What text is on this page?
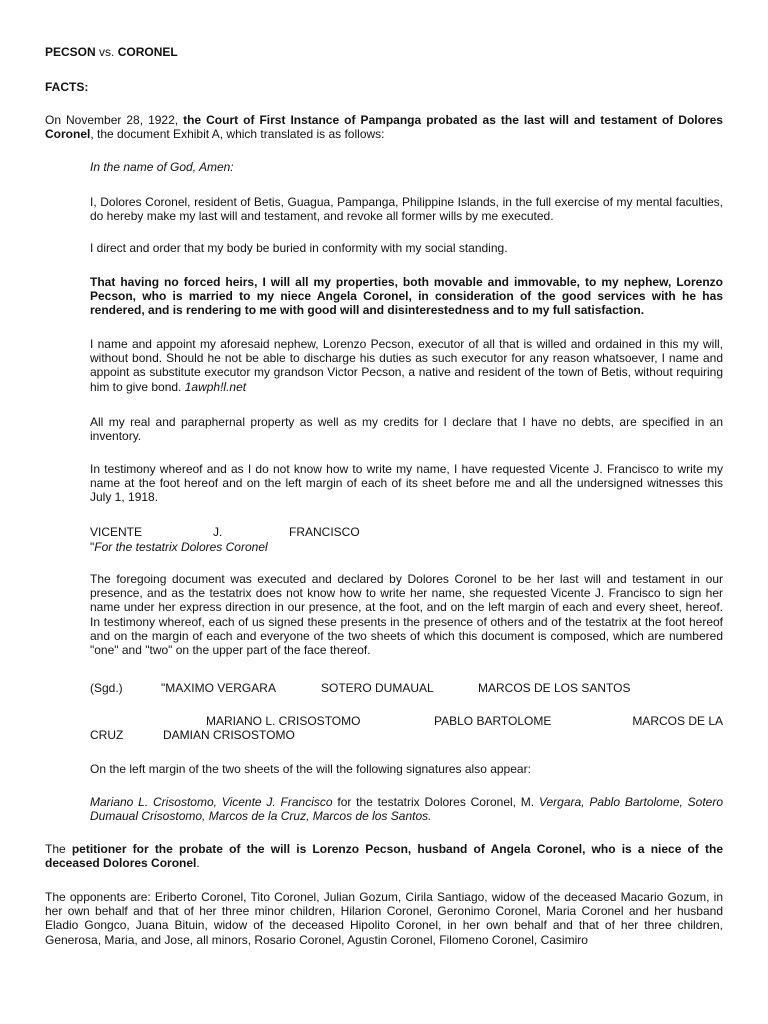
PECSON vs. CORONEL

FACTS:

On November 28, 1922, the Court of First Instance of Pampanga probated as the last will and testament of Dolores Coronel, the document Exhibit A, which translated is as follows:

In the name of God, Amen:

I, Dolores Coronel, resident of Betis, Guagua, Pampanga, Philippine Islands, in the full exercise of my mental faculties, do hereby make my last will and testament, and revoke all former wills by me executed.

I direct and order that my body be buried in conformity with my social standing.

That having no forced heirs, I will all my properties, both movable and immovable, to my nephew, Lorenzo Pecson, who is married to my niece Angela Coronel, in consideration of the good services with he has rendered, and is rendering to me with good will and disinterestedness and to my full satisfaction.

I name and appoint my aforesaid nephew, Lorenzo Pecson, executor of all that is willed and ordained in this my will, without bond. Should he not be able to discharge his duties as such executor for any reason whatsoever, I name and appoint as substitute executor my grandson Victor Pecson, a native and resident of the town of Betis, without requiring him to give bond. 1awph!l.net

All my real and paraphernal property as well as my credits for I declare that I have no debts, are specified in an inventory.

In testimony whereof and as I do not know how to write my name, I have requested Vicente J. Francisco to write my name at the foot hereof and on the left margin of each of its sheet before me and all the undersigned witnesses this July 1, 1918.

VICENTE	J.	FRANCISCO
"For the testatrix Dolores Coronel

The foregoing document was executed and declared by Dolores Coronel to be her last will and testament in our presence, and as the testatrix does not know how to write her name, she requested Vicente J. Francisco to sign her name under her express direction in our presence, at the foot, and on the left margin of each and every sheet, hereof. In testimony whereof, each of us signed these presents in the presence of others and of the testatrix at the foot hereof and on the margin of each and everyone of the two sheets of which this document is composed, which are numbered "one" and "two" on the upper part of the face thereof.

(Sgd.)	"MAXIMO VERGARA	SOTERO DUMAUAL	MARCOS DE LOS SANTOS
MARIANO L. CRISOSTOMO	PABLO BARTOLOME	MARCOS DE LA
CRUZ	DAMIAN CRISOSTOMO

On the left margin of the two sheets of the will the following signatures also appear:

Mariano L. Crisostomo, Vicente J. Francisco for the testatrix Dolores Coronel, M. Vergara, Pablo Bartolome, Sotero Dumaual Crisostomo, Marcos de la Cruz, Marcos de los Santos.

The petitioner for the probate of the will is Lorenzo Pecson, husband of Angela Coronel, who is a niece of the deceased Dolores Coronel.

The opponents are: Eriberto Coronel, Tito Coronel, Julian Gozum, Cirila Santiago, widow of the deceased Macario Gozum, in her own behalf and that of her three minor children, Hilarion Coronel, Geronimo Coronel, Maria Coronel and her husband Eladio Gongco, Juana Bituin, widow of the deceased Hipolito Coronel, in her own behalf and that of her three children, Generosa, Maria, and Jose, all minors, Rosario Coronel, Agustin Coronel, Filomeno Coronel, Casimiro
